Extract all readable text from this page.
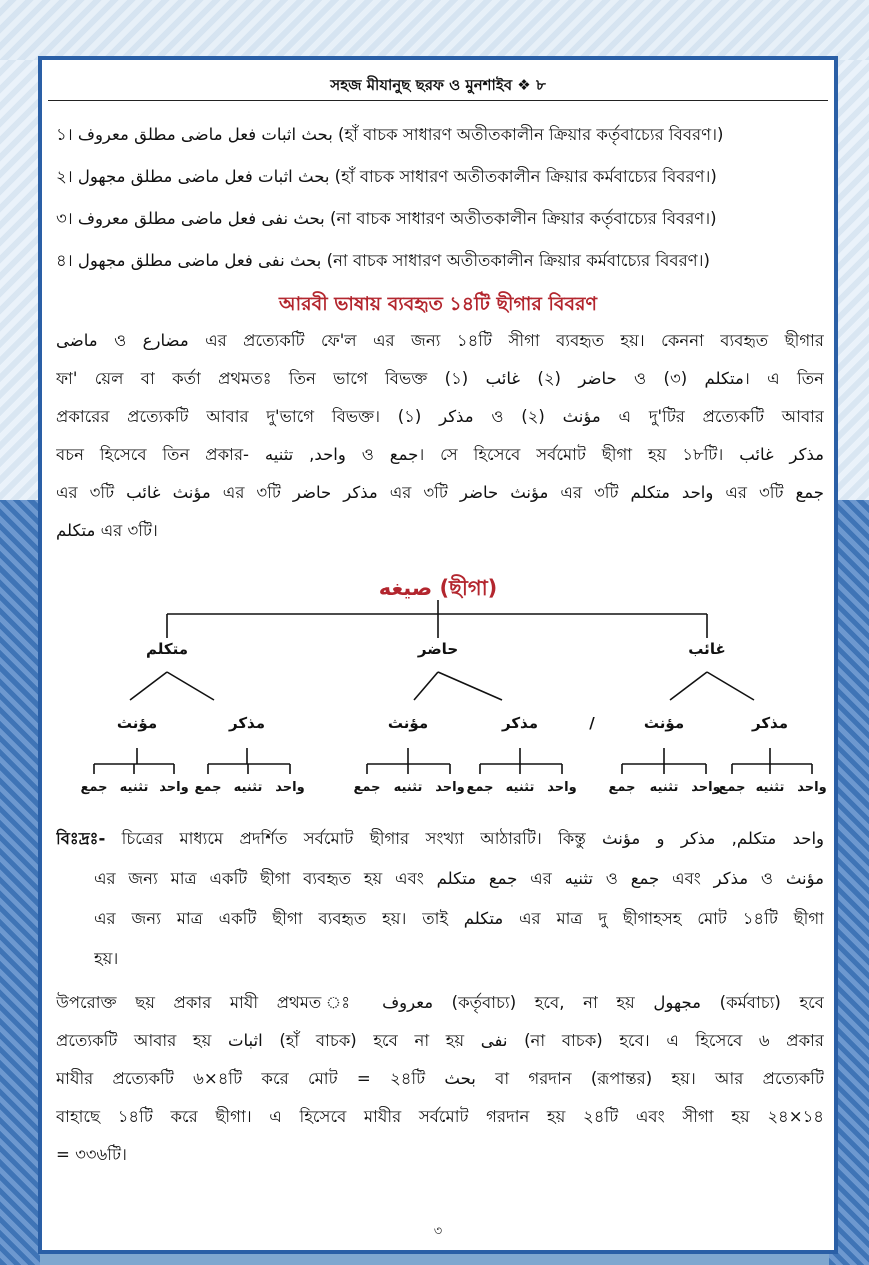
সহজ মীযানুছ ছরফ ও মুনশাইব ❖ ৮
১। بحث اثبات فعل ماضى مطلق معروف (হাঁ বাচক সাধারণ অতীতকালীন ক্রিয়ার কর্তৃবাচ্যের বিবরণ।)
২। بحث اثبات فعل ماضى مطلق مجهول (হাঁ বাচক সাধারণ অতীতকালীন ক্রিয়ার কর্মবাচ্যের বিবরণ।)
৩। بحث نفى فعل ماضى مطلق معروف (না বাচক সাধারণ অতীতকালীন ক্রিয়ার কর্তৃবাচ্যের বিবরণ।)
৪। بحث نفى فعل ماضى مطلق مجهول (না বাচক সাধারণ অতীতকালীন ক্রিয়ার কর্মবাচ্যের বিবরণ।)
আরবী ভাষায় ব্যবহৃত ১৪টি ছীগার বিবরণ
ماضى ও مضارع এর প্রত্যেকটি ফে'ল এর জন্য ১৪টি সীগা ব্যবহৃত হয়। কেননা ব্যবহৃত ছীগার
ফা' য়েল বা কর্তা প্রথমতঃ তিন ভাগে বিভক্ত (১) غائب (২) حاضر ও (৩) متكلم। এ তিন
প্রকারের প্রত্যেকটি আবার দু'ভাগে বিভক্ত। (১) مذكر ও (২) مؤنث এ দু'টির প্রত্যেকটি আবার
বচন হিসেবে তিন প্রকার- واحد, تثنيه ও جمع। সে হিসেবে সর্বমোট ছীগা হয় ১৮টি। مذكر غائب
এর ৩টি مؤنث غائب এর ৩টি مذكر حاضر এর ৩টি مؤنث حاضر এর ৩টি واحد متكلم এর ৩টি جمع
متكلم এর ৩টি।
صيغه (ছীগা)
متكلم	حاضر	غائب
مؤنث	مذكر	مؤنث	مذكر	/	مؤنث	مذكر
جمع تثنيه واحد جمع تثنيه واحد	جمع تثنيه واحد جمع تثنيه واحد جمع تثنيه واحد
جمع تثنيه واحد
বিঃদ্রঃ- চিত্রের মাধ্যমে প্রদর্শিত সর্বমোট ছীগার সংখ্যা আঠারটি। কিন্তু واحد متكلم, مذكر و مؤنث
এর জন্য মাত্র একটি ছীগা ব্যবহৃত হয় এবং جمع متكلم এর تثنيه ও جمع এবং مذكر ও مؤنث
এর জন্য মাত্র একটি ছীগা ব্যবহৃত হয়। তাই متكلم এর মাত্র দু ছীগাহসহ মোট ১৪টি ছীগা
হয়।
উপরোক্ত ছয় প্রকার মাযী প্রথমত ঃ معروف (কর্তৃবাচ্য) হবে, না হয় مجهول (কর্মবাচ্য) হবে
প্রত্যেকটি আবার হয় اثبات (হাঁ বাচক) হবে না হয় نفى (না বাচক) হবে। এ হিসেবে ৬ প্রকার
মাযীর প্রত্যেকটি ৬×৪টি করে মোট = ২৪টি بحث বা গরদান (রূপান্তর) হয়। আর প্রত্যেকটি
বাহাছে ১৪টি করে ছীগা। এ হিসেবে মাযীর সর্বমোট গরদান হয় ২৪টি এবং সীগা হয় ২৪×১৪
= ৩৩৬টি।
৩
